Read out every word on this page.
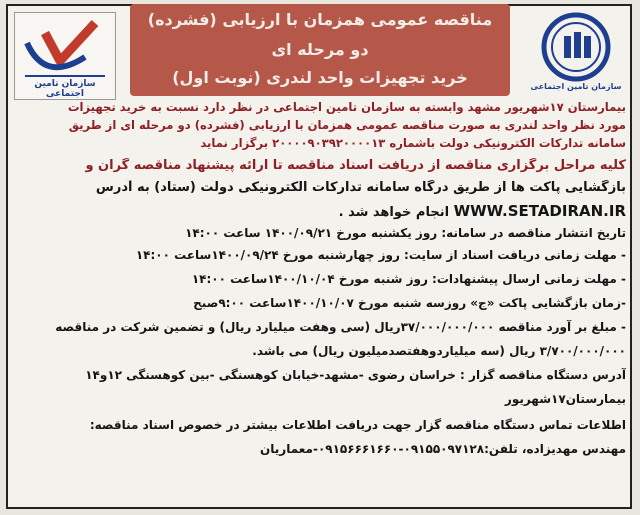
سازمان تامین اجتماعی
سازمان تامین اجتماعی
مناقصه عمومی همزمان با ارزیابی (فشرده)
دو مرحله ای
خرید تجهیزات واحد لندری (نوبت اول)
بیمارستان ۱۷شهریور مشهد وابسته به سازمان تامین اجتماعی در نظر دارد نسبت به خرید تجهیزات
مورد نظر واحد لندری به صورت مناقصه عمومی همزمان با ارزیابی (فشرده) دو مرحله ای از طریق
سامانه تدارکات الکترونیکی دولت باشماره ۲۰۰۰۰۹۰۳۹۲۰۰۰۰۱۳ برگزار نماید
کلیه مراحل برگزاری مناقصه از دریافت اسناد مناقصه تا ارائه پیشنهاد مناقصه گران و
بازگشایی پاکت ها از طریق درگاه سامانه تدارکات الکترونیکی دولت (ستاد) به آدرس
WWW.SETADIRAN.IR انجام خواهد شد .
تاریخ انتشار مناقصه در سامانه: روز یکشنبه مورخ ۱۴۰۰/۰۹/۲۱ ساعت ۱۴:۰۰
- مهلت زمانی دریافت اسناد از سایت: روز چهارشنبه مورخ ۱۴۰۰/۰۹/۲۴ساعت ۱۴:۰۰
- مهلت زمانی ارسال پیشنهادات: روز شنبه مورخ ۱۴۰۰/۱۰/۰۴ساعت ۱۴:۰۰
-زمان بازگشایی پاکت «ج» روزسه شنبه مورخ ۱۴۰۰/۱۰/۰۷ساعت ۹:۰۰صبح
- مبلغ بر آورد مناقصه ۳۷/۰۰۰/۰۰۰/۰۰۰ریال (سی وهفت میلیارد ریال) و تضمین شرکت در مناقصه
۳/۷۰۰/۰۰۰/۰۰۰ ریال (سه میلیاردوهفتصدمیلیون ریال) می باشد.
آدرس دستگاه مناقصه گزار : خراسان رضوی -مشهد-خیابان کوهسنگی -بین کوهسنگی ۱۲و۱۴
بیمارستان۱۷شهریور
اطلاعات تماس دستگاه مناقصه گزار جهت دریافت اطلاعات بیشتر در خصوص اسناد مناقصه:
مهندس مهدیزاده، تلفن:۰۹۱۵۵۰۹۷۱۲۸-۰۹۱۵۶۶۶۱۶۶۰-معماریان
